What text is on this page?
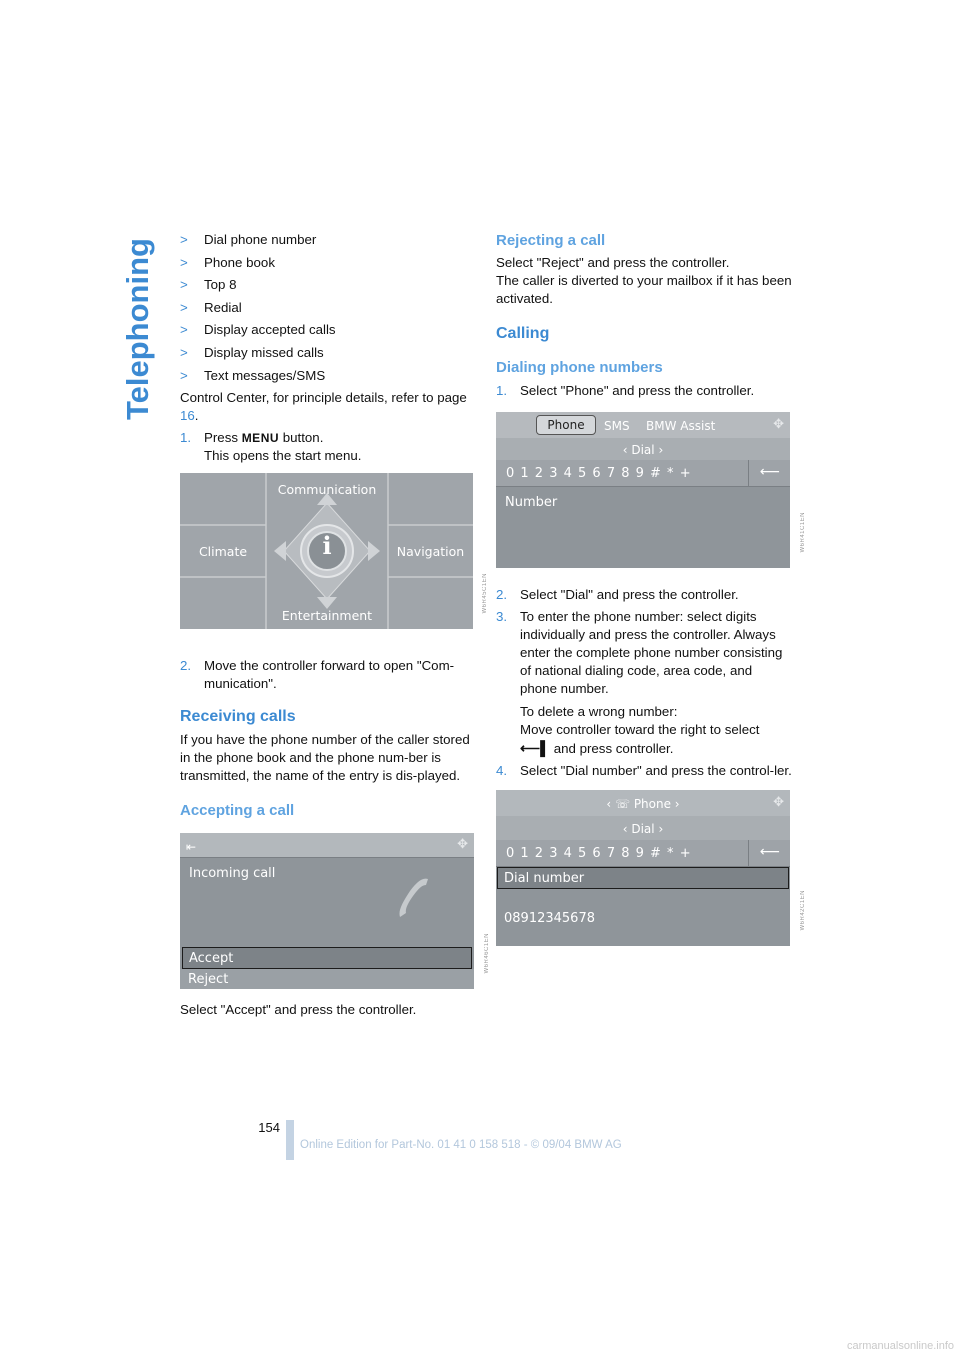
Telephoning >	Dial phone number
>	Phone book
>	Top 8
>	Redial
>	Display accepted calls
>	Display missed calls
>	Text messages/SMS

Control Center, for principle details, refer to page 16.

1. Press MENU button.
This opens the start menu.
i
Communication
Climate	Navigation
Entertainment
W6R45C1EN
2. Move the controller forward to open "Com-munication".
Receiving calls

If you have the phone number of the caller stored in the phone book and the phone num-ber is transmitted, the name of the entry is dis-played.

Accepting a call
⇤	✥
Incoming call
Accept
Reject
W6R46C1EN

Select "Accept" and press the controller.

Rejecting a call

Select "Reject" and press the controller.

The caller is diverted to your mailbox if it has been activated.

Calling
Dialing phone numbers
1. Select "Phone" and press the controller.
Phone	SMS BMW Assist	✥
‹ Dial ›
0 1 2 3 4 5 6 7 8 9 # * +	⟵
Number
W6R41C1EN
2. Select "Dial" and press the controller.
3. To enter the phone number: select digits individually and press the controller. Always enter the complete phone number consisting of national dialing code, area code, and phone number.
To delete a wrong number:
Move controller toward the right to select
⟵▌ and press controller.
4. Select "Dial number" and press the control-ler.
‹ ☏ Phone ›	✥
‹ Dial ›
0 1 2 3 4 5 6 7 8 9 # * +	⟵
Dial number
08912345678	W6R42C1EN
154
Online Edition for Part-No. 01 41 0 158 518 - © 09/04 BMW AG
carmanualsonline.info
